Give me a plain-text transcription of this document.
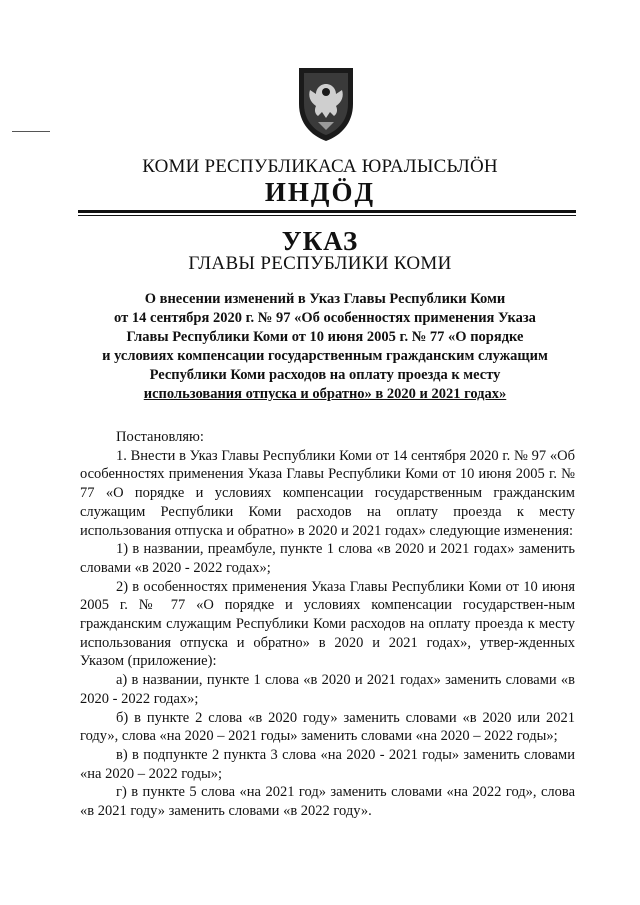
КОМИ РЕСПУБЛИКАСА ЮРАЛЫСЬЛÖН
ИНДÖД
УКАЗ
ГЛАВЫ РЕСПУБЛИКИ КОМИ
О внесении изменений в Указ Главы Республики Коми
от 14 сентября 2020 г. № 97 «Об особенностях применения Указа
Главы Республики Коми от 10 июня 2005 г. № 77 «О порядке
и условиях компенсации государственным гражданским служащим
Республики Коми расходов на оплату проезда к месту
использования отпуска и обратно» в 2020 и 2021 годах»

Постановляю:

1. Внести в Указ Главы Республики Коми от 14 сентября 2020 г. № 97 «Об особенностях применения Указа Главы Республики Коми от 10 июня 2005 г. № 77 «О порядке и условиях компенсации государственным гражданским служащим Республики Коми расходов на оплату проезда к месту использования отпуска и обратно» в 2020 и 2021 годах» следующие изменения:

1) в названии, преамбуле, пункте 1 слова «в 2020 и 2021 годах» заменить словами «в 2020 - 2022 годах»;

2) в особенностях применения Указа Главы Республики Коми от 10 июня 2005 г. № 77 «О порядке и условиях компенсации государствен-ным гражданским служащим Республики Коми расходов на оплату проезда к месту использования отпуска и обратно» в 2020 и 2021 годах», утвер-жденных Указом (приложение):

а) в названии, пункте 1 слова «в 2020 и 2021 годах» заменить словами «в 2020 - 2022 годах»;

б) в пункте 2 слова «в 2020 году» заменить словами «в 2020 или 2021 году», слова «на 2020 – 2021 годы» заменить словами «на 2020 – 2022 годы»;

в) в подпункте 2 пункта 3 слова «на 2020 - 2021 годы» заменить словами «на 2020 – 2022 годы»;

г) в пункте 5 слова «на 2021 год» заменить словами «на 2022 год», слова «в 2021 году» заменить словами «в 2022 году».
